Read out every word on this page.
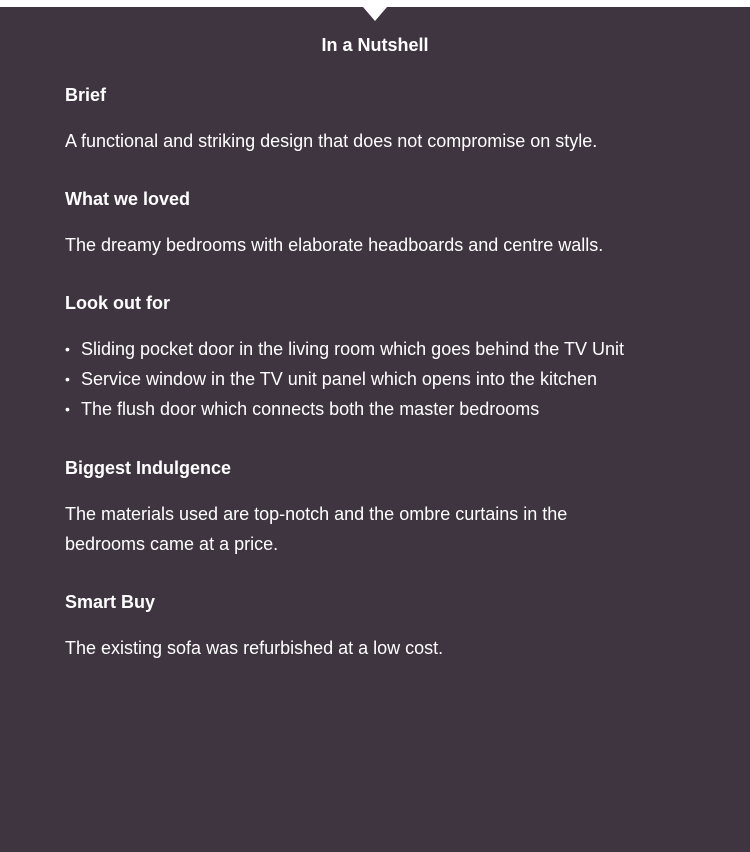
In a Nutshell
Brief
A functional and striking design that does not compromise on style.
What we loved
The dreamy bedrooms with elaborate headboards and centre walls.
Look out for
• Sliding pocket door in the living room which goes behind the TV Unit
• Service window in the TV unit panel which opens into the kitchen
• The flush door which connects both the master bedrooms
Biggest Indulgence
The materials used are top-notch and the ombre curtains in the
bedrooms came at a price.
Smart Buy
The existing sofa was refurbished at a low cost.
